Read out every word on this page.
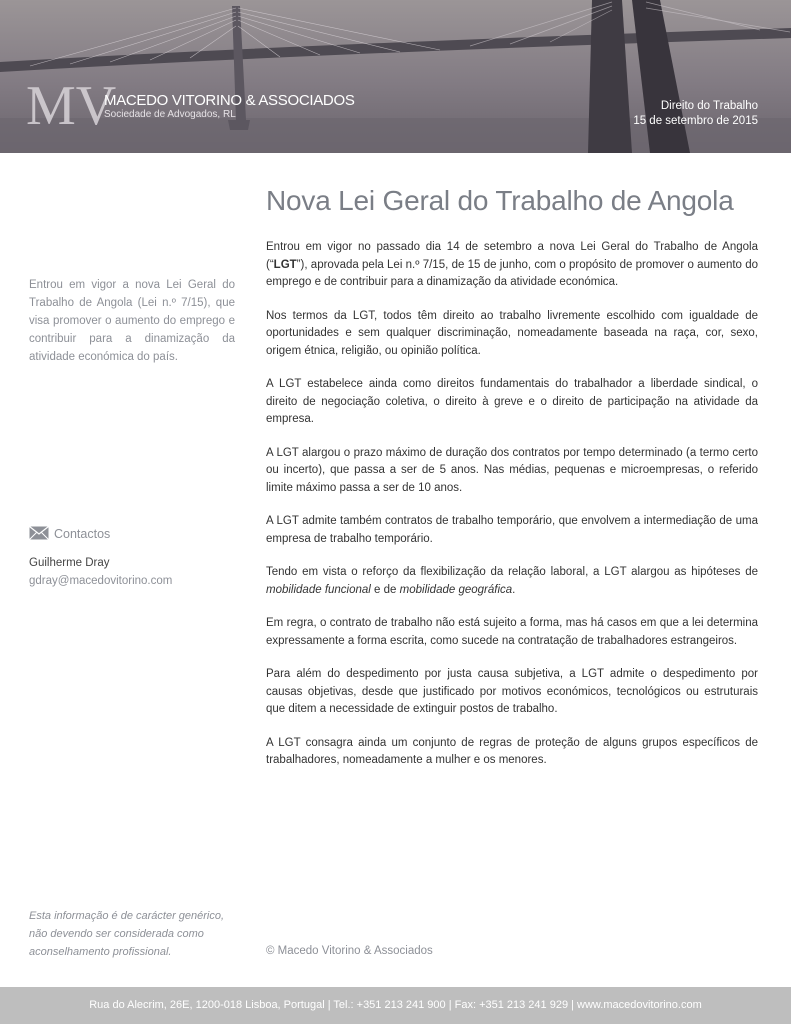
MV
MACEDO VITORINO & ASSOCIADOS
Sociedade de Advogados, RL
Direito do Trabalho
15 de setembro de 2015
Nova Lei Geral do Trabalho de Angola
Entrou em vigor a nova Lei Geral do Trabalho de Angola (Lei n.º 7/15), que visa promover o aumento do emprego e contribuir para a dinamização da atividade económica do país.
Contactos
Guilherme Dray
gdray@macedovitorino.com

Entrou em vigor no passado dia 14 de setembro a nova Lei Geral do Trabalho de Angola (“LGT”), aprovada pela Lei n.º 7/15, de 15 de junho, com o propósito de promover o aumento do emprego e de contribuir para a dinamização da atividade económica.

Nos termos da LGT, todos têm direito ao trabalho livremente escolhido com igualdade de oportunidades e sem qualquer discriminação, nomeadamente baseada na raça, cor, sexo, origem étnica, religião, ou opinião política.

A LGT estabelece ainda como direitos fundamentais do trabalhador a liberdade sindical, o direito de negociação coletiva, o direito à greve e o direito de participação na atividade da empresa.

A LGT alargou o prazo máximo de duração dos contratos por tempo determinado (a termo certo ou incerto), que passa a ser de 5 anos. Nas médias, pequenas e microempresas, o referido limite máximo passa a ser de 10 anos.

A LGT admite também contratos de trabalho temporário, que envolvem a intermediação de uma empresa de trabalho temporário.

Tendo em vista o reforço da flexibilização da relação laboral, a LGT alargou as hipóteses de mobilidade funcional e de mobilidade geográfica.

Em regra, o contrato de trabalho não está sujeito a forma, mas há casos em que a lei determina expressamente a forma escrita, como sucede na contratação de trabalhadores estrangeiros.

Para além do despedimento por justa causa subjetiva, a LGT admite o despedimento por causas objetivas, desde que justificado por motivos económicos, tecnológicos ou estruturais que ditem a necessidade de extinguir postos de trabalho.

A LGT consagra ainda um conjunto de regras de proteção de alguns grupos específicos de trabalhadores, nomeadamente a mulher e os menores.

Esta informação é de carácter genérico, não devendo ser considerada como aconselhamento profissional.	© Macedo Vitorino & Associados
Rua do Alecrim, 26E, 1200-018 Lisboa, Portugal | Tel.: +351 213 241 900 | Fax: +351 213 241 929 | www.macedovitorino.com
